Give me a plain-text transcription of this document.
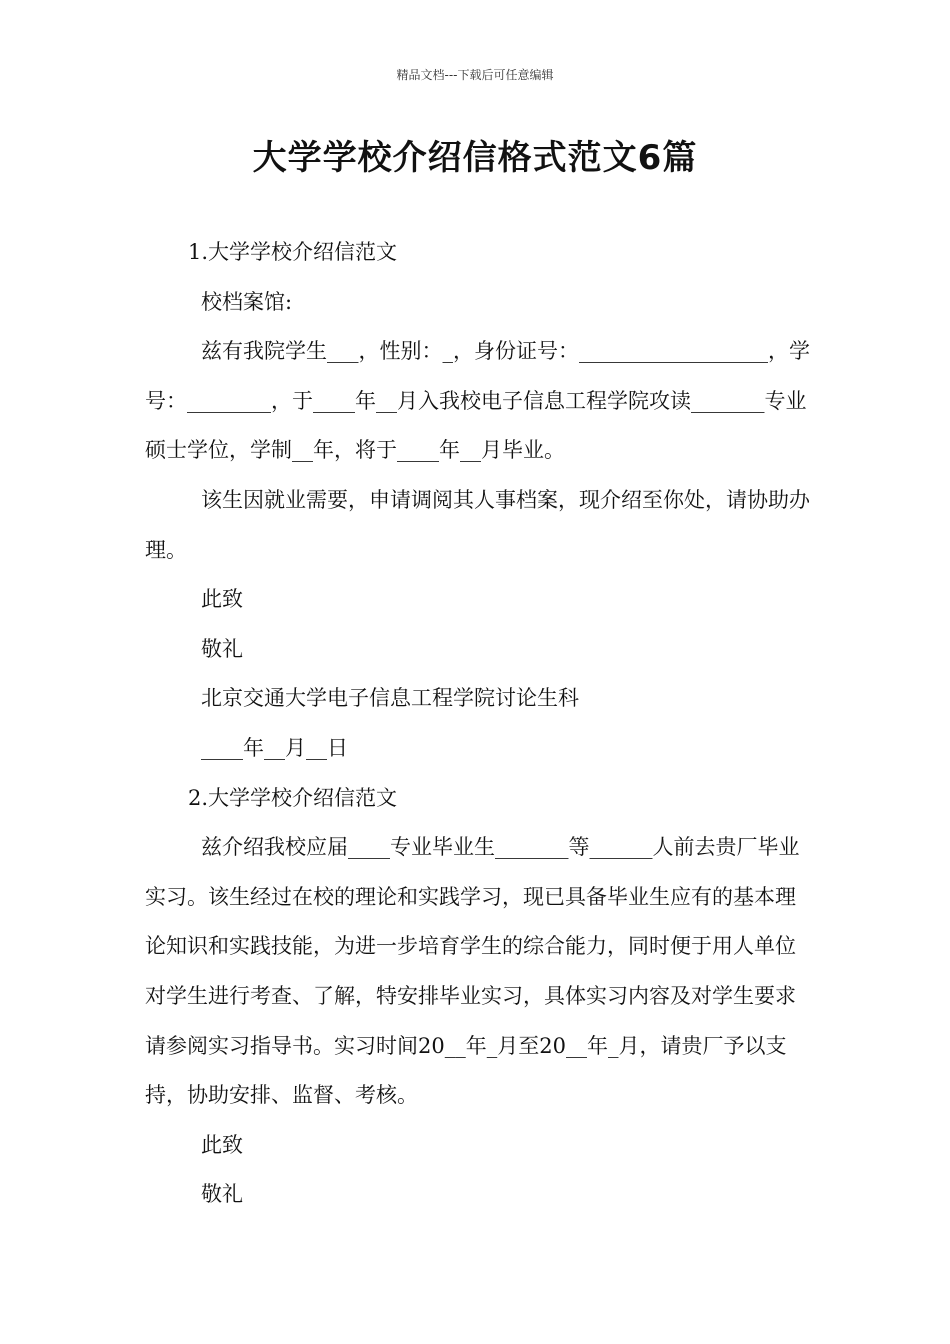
精品文档---下载后可任意编辑
大学学校介绍信格式范文6篇
1.大学学校介绍信范文
校档案馆:
兹有我院学生___，性别：_，身份证号：__________________，学号：________，于____年__月入我校电子信息工程学院攻读_______专业硕士学位，学制__年，将于____年__月毕业。
该生因就业需要，申请调阅其人事档案，现介绍至你处，请协助办理。
此致
敬礼
北京交通大学电子信息工程学院讨论生科
____年__月__日
2.大学学校介绍信范文
兹介绍我校应届____专业毕业生_______等______人前去贵厂毕业实习。该生经过在校的理论和实践学习，现已具备毕业生应有的基本理论知识和实践技能，为进一步培育学生的综合能力，同时便于用人单位对学生进行考查、了解，特安排毕业实习，具体实习内容及对学生要求请参阅实习指导书。实习时间20__年_月至20__年_月，请贵厂予以支持，协助安排、监督、考核。
此致
敬礼
